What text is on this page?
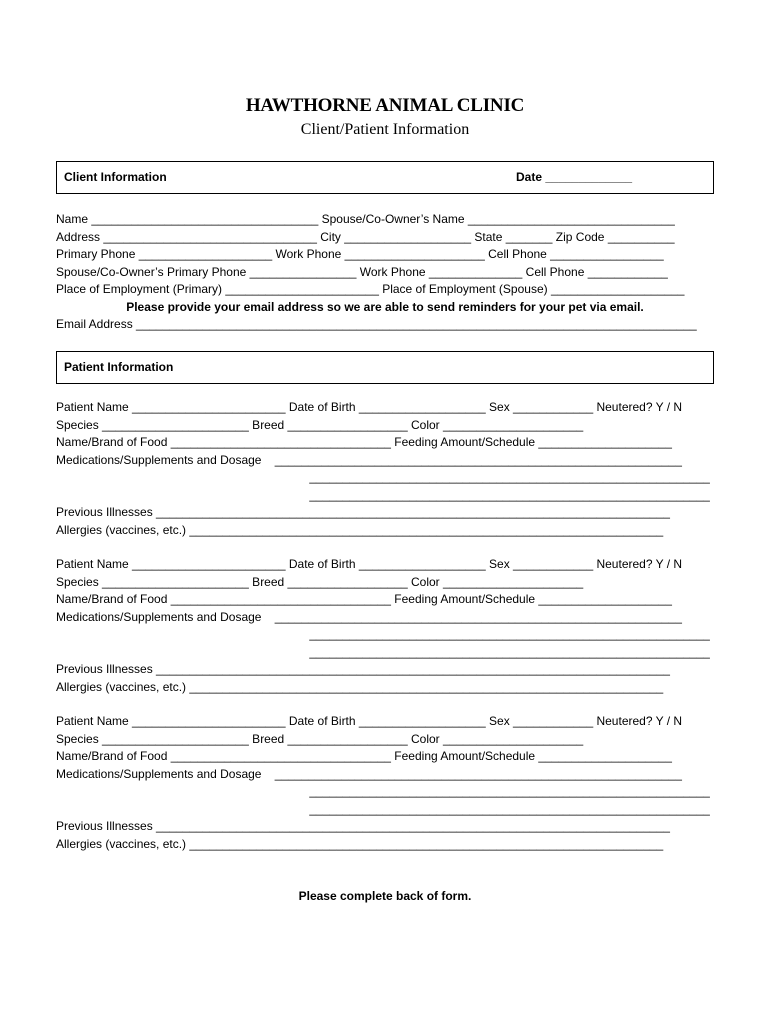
HAWTHORNE ANIMAL CLINIC
Client/Patient Information
Client Information	Date _____________
Name __________________________________ Spouse/Co-Owner’s Name _______________________________
Address ________________________________ City ___________________ State _______ Zip Code __________
Primary Phone ____________________ Work Phone _____________________ Cell Phone _________________
Spouse/Co-Owner’s Primary Phone ________________ Work Phone ______________ Cell Phone ____________
Place of Employment (Primary) _______________________ Place of Employment (Spouse) ____________________
Please provide your email address so we are able to send reminders for your pet via email.
Email Address ____________________________________________________________________________________
Patient Information
Patient Name _______________________ Date of Birth ___________________ Sex ____________ Neutered? Y / N
Species ______________________ Breed __________________ Color _____________________
Name/Brand of Food _________________________________ Feeding Amount/Schedule ____________________
Medications/Supplements and Dosage    _____________________________________________________________
____________________________________________________________
____________________________________________________________
Previous Illnesses _____________________________________________________________________________
Allergies (vaccines, etc.) _______________________________________________________________________
Patient Name _______________________ Date of Birth ___________________ Sex ____________ Neutered? Y / N
Species ______________________ Breed __________________ Color _____________________
Name/Brand of Food _________________________________ Feeding Amount/Schedule ____________________
Medications/Supplements and Dosage    _____________________________________________________________
____________________________________________________________
____________________________________________________________
Previous Illnesses _____________________________________________________________________________
Allergies (vaccines, etc.) _______________________________________________________________________
Patient Name _______________________ Date of Birth ___________________ Sex ____________ Neutered? Y / N
Species ______________________ Breed __________________ Color _____________________
Name/Brand of Food _________________________________ Feeding Amount/Schedule ____________________
Medications/Supplements and Dosage    _____________________________________________________________
____________________________________________________________
____________________________________________________________
Previous Illnesses _____________________________________________________________________________
Allergies (vaccines, etc.) _______________________________________________________________________
Please complete back of form.
